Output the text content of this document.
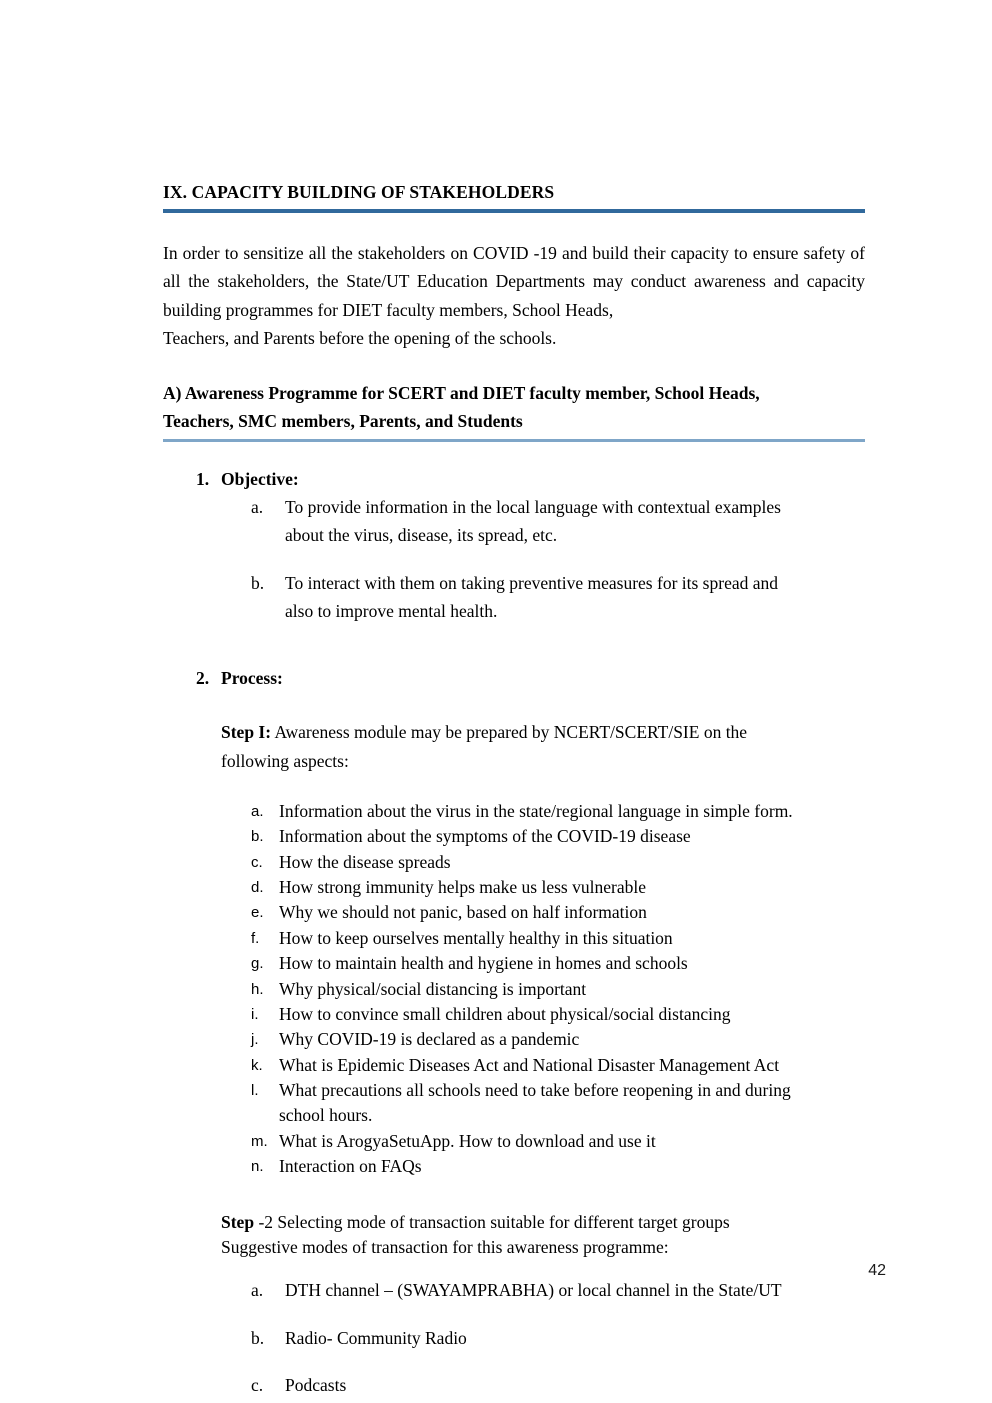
IX. CAPACITY BUILDING OF STAKEHOLDERS

In order to sensitize all the stakeholders on COVID -19 and build their capacity to ensure safety of all the stakeholders, the State/UT Education Departments may conduct awareness and capacity building programmes for DIET faculty members, School Heads,
Teachers, and Parents before the opening of the schools.

A) Awareness Programme for SCERT and DIET faculty member, School Heads,
Teachers, SMC members, Parents, and Students
1. Objective:
a. To provide information in the local language with contextual examples
about the virus, disease, its spread, etc.
b. To interact with them on taking preventive measures for its spread and
also to improve mental health.
2. Process:

Step I: Awareness module may be prepared by NCERT/SCERT/SIE on the
following aspects:

a. Information about the virus in the state/regional language in simple form.
b. Information about the symptoms of the COVID-19 disease
c. How the disease spreads
d. How strong immunity helps make us less vulnerable
e. Why we should not panic, based on half information
f. How to keep ourselves mentally healthy in this situation
g. How to maintain health and hygiene in homes and schools
h. Why physical/social distancing is important
i. How to convince small children about physical/social distancing
j. Why COVID-19 is declared as a pandemic
k. What is Epidemic Diseases Act and National Disaster Management Act
l. What precautions all schools need to take before reopening in and during
school hours.
m. What is ArogyaSetuApp. How to download and use it
n. Interaction on FAQs

Step -2 Selecting mode of transaction suitable for different target groups
Suggestive modes of transaction for this awareness programme:

a. DTH channel – (SWAYAMPRABHA) or local channel in the State/UT
b. Radio- Community Radio
c. Podcasts
42
